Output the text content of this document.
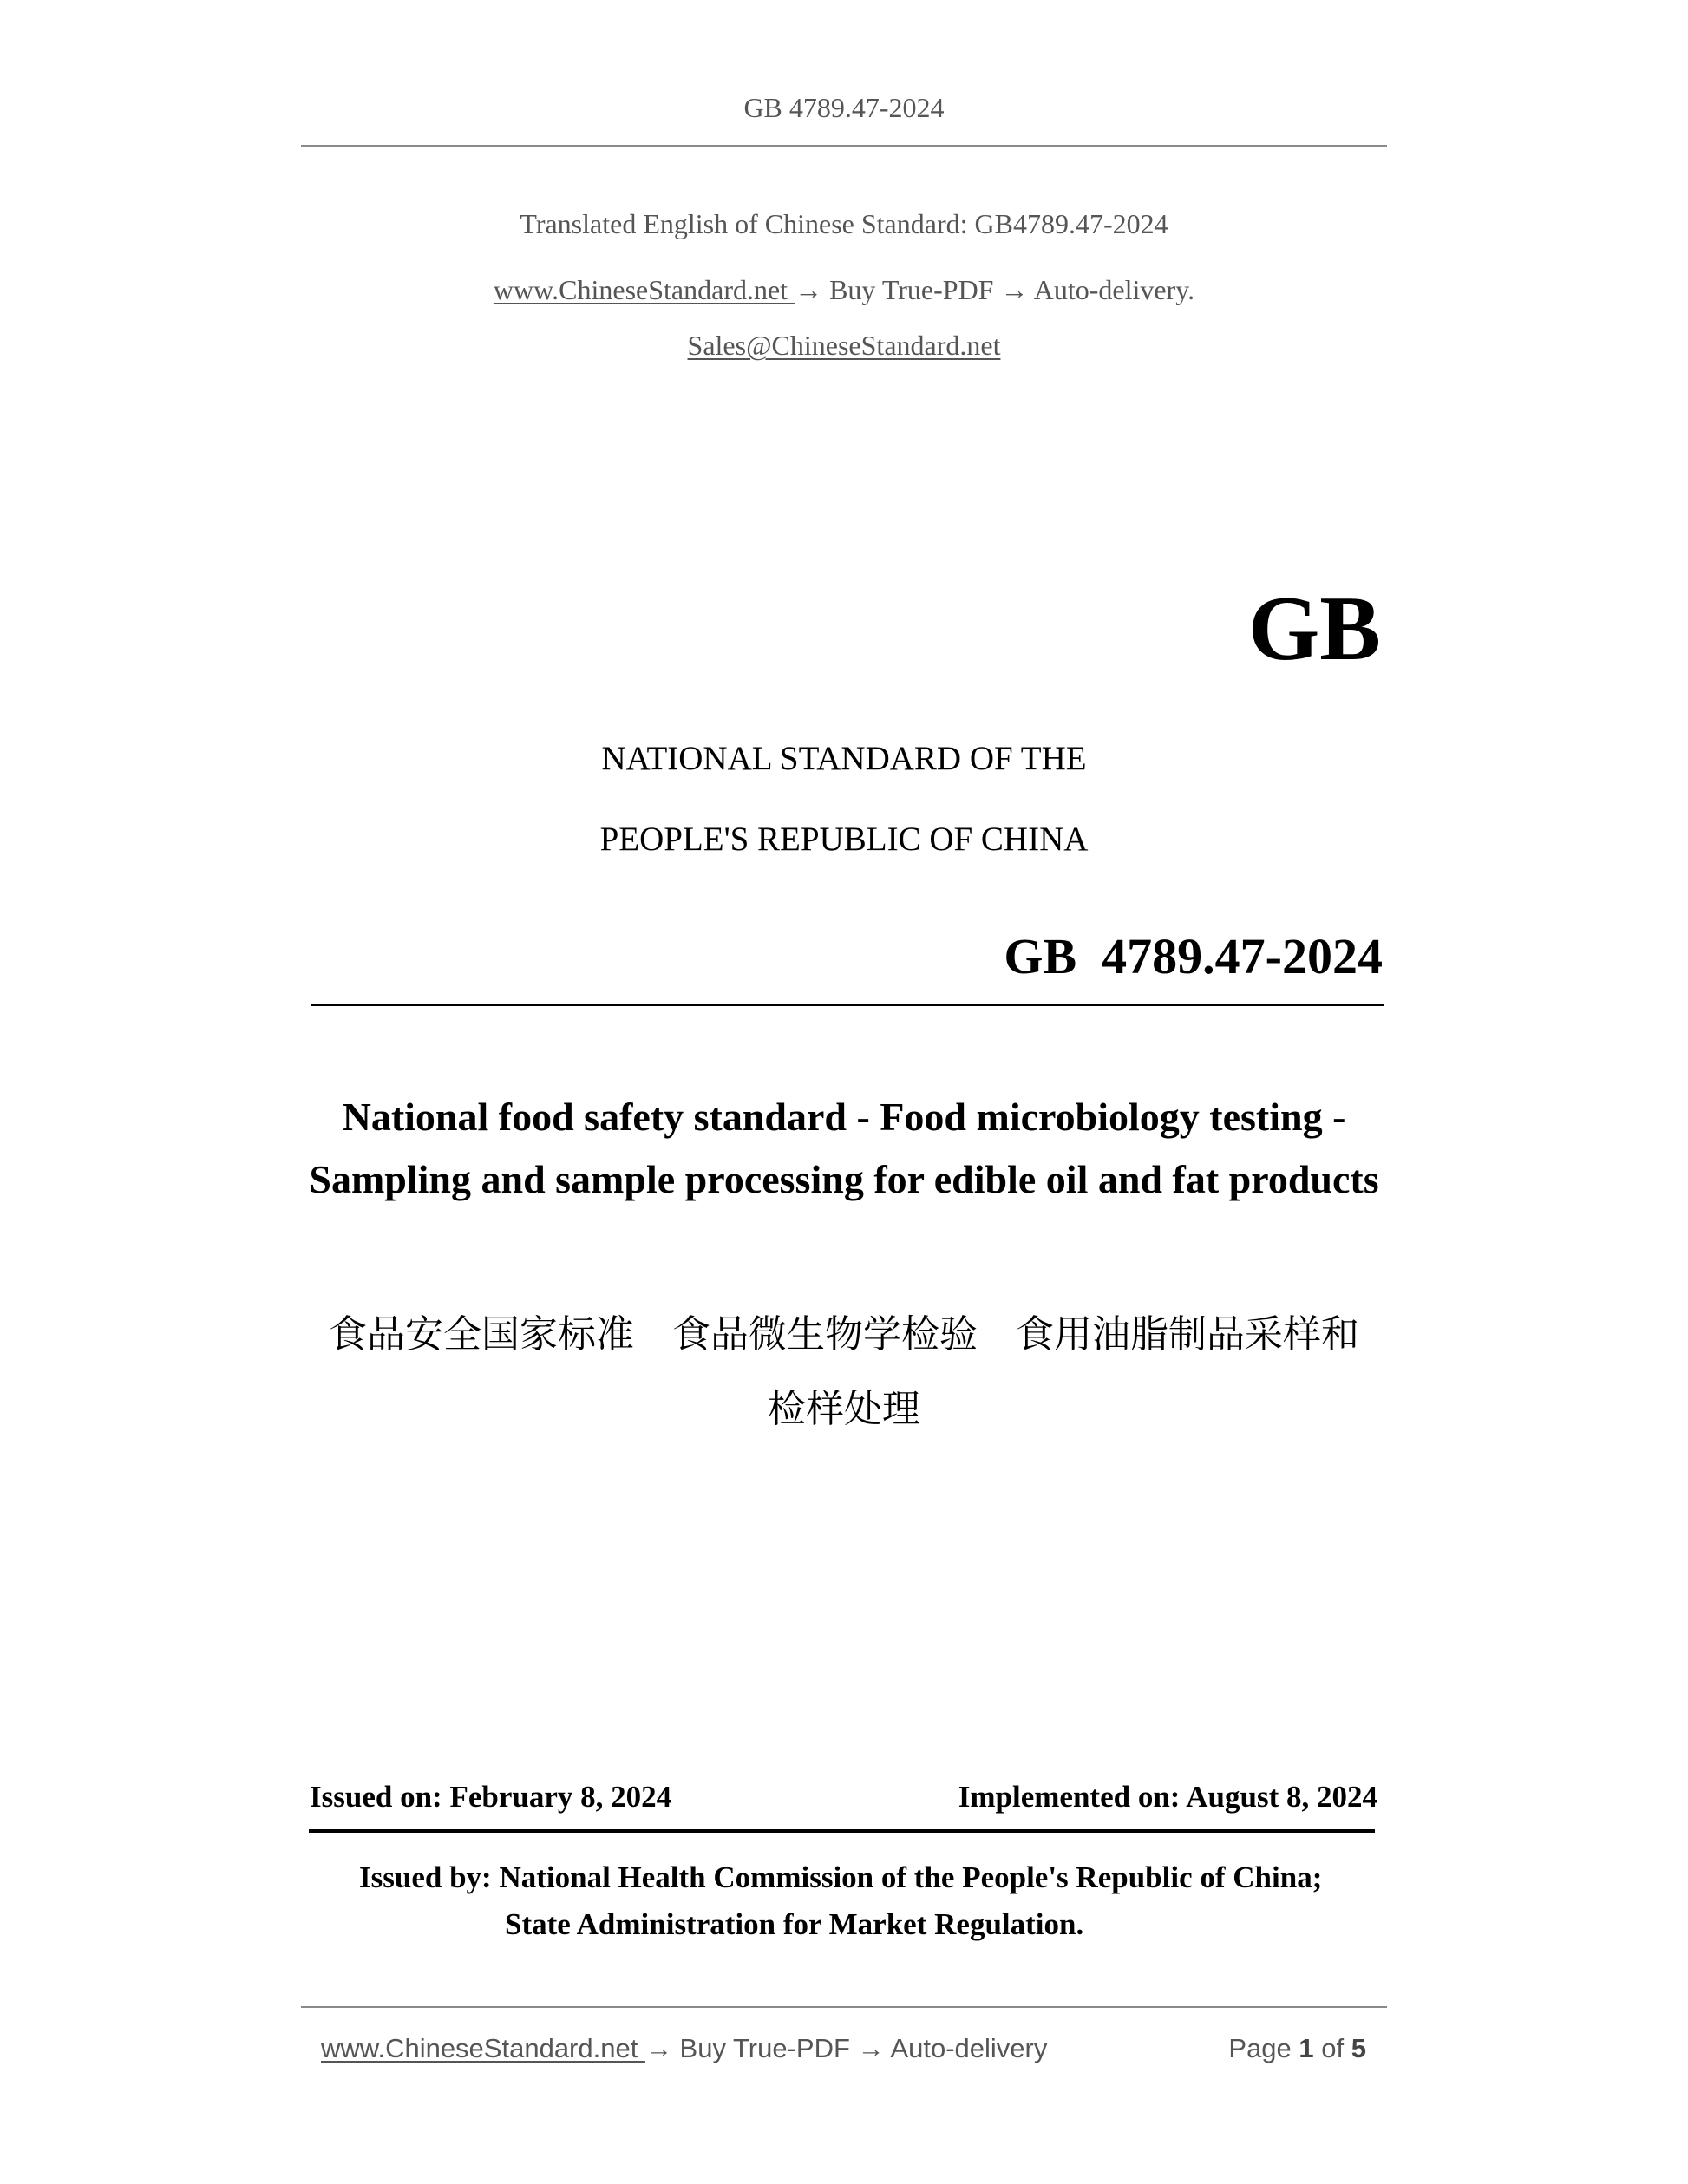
GB 4789.47-2024
Translated English of Chinese Standard: GB4789.47-2024
www.ChineseStandard.net → Buy True-PDF → Auto-delivery.
Sales@ChineseStandard.net
GB
NATIONAL STANDARD OF THE
PEOPLE'S REPUBLIC OF CHINA
GB  4789.47-2024
National food safety standard - Food microbiology testing - Sampling and sample processing for edible oil and fat products
食品安全国家标准　食品微生物学检验　食用油脂制品采样和
检样处理
Issued on: February 8, 2024	Implemented on: August 8, 2024
Issued by: National Health Commission of the People's Republic of China;
State Administration for Market Regulation.
www.ChineseStandard.net → Buy True-PDF → Auto-delivery	Page 1 of 5
